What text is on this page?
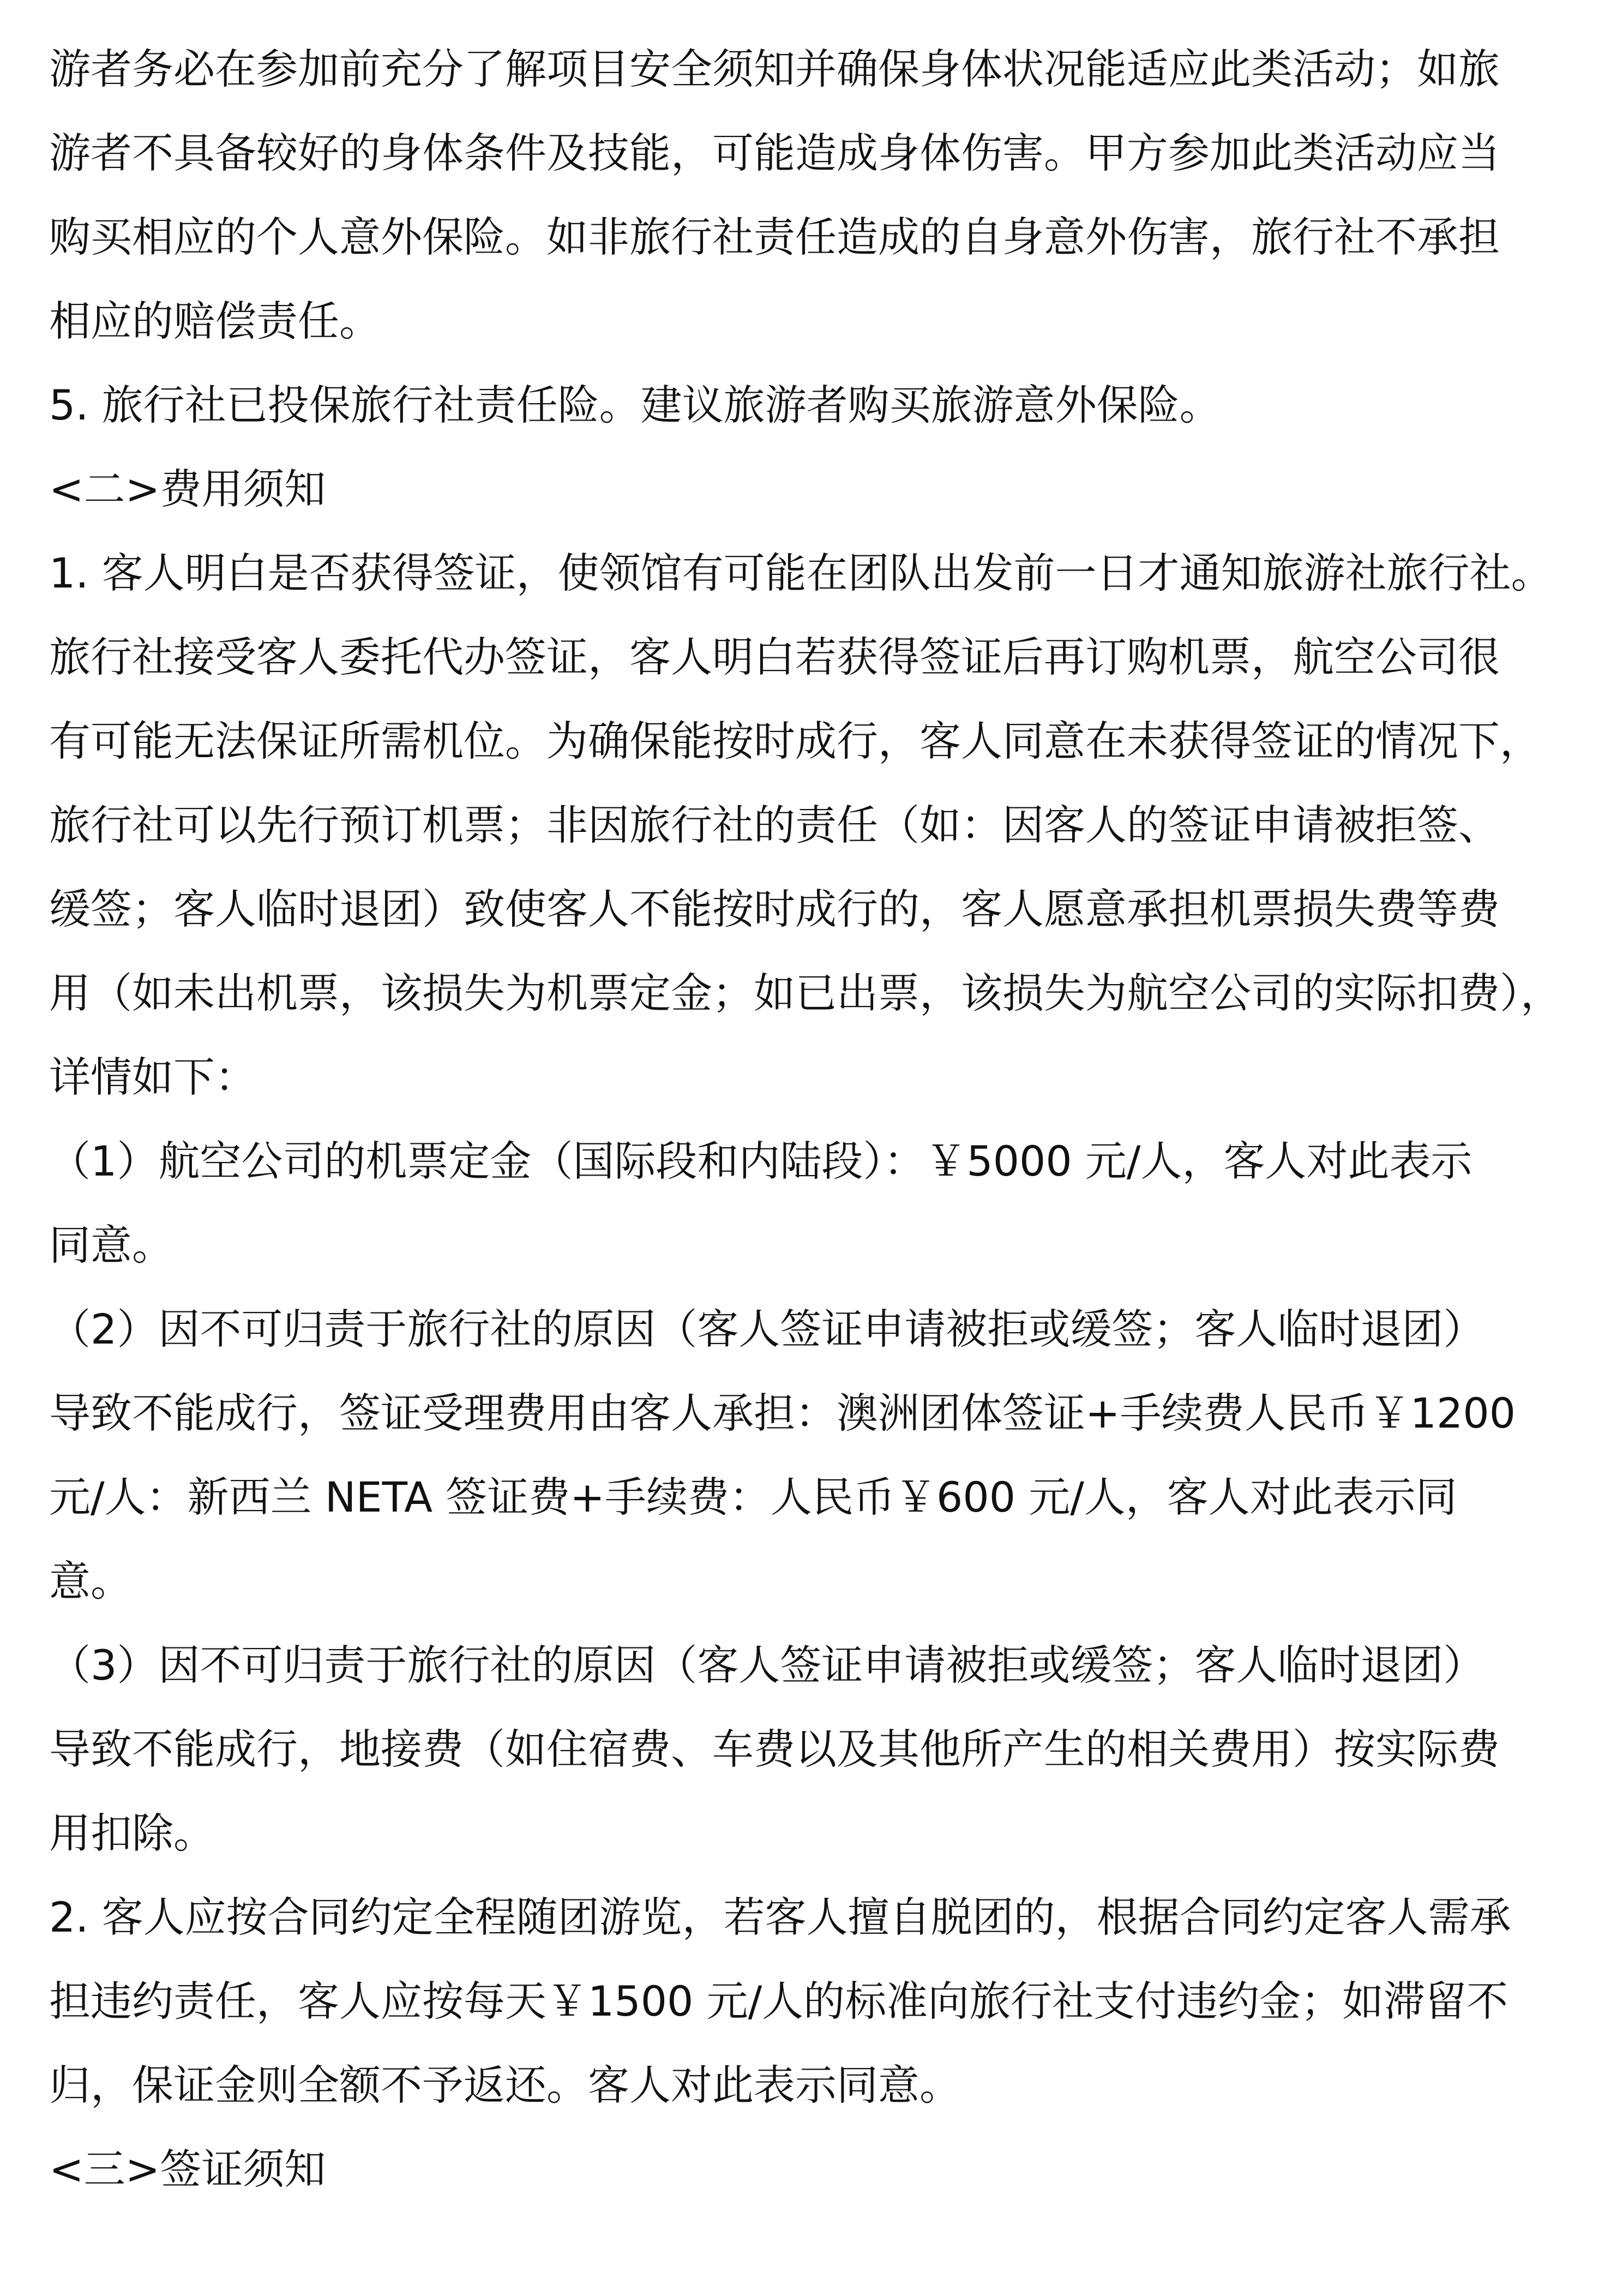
游者务必在参加前充分了解项目安全须知并确保身体状况能适应此类活动；如旅
游者不具备较好的身体条件及技能，可能造成身体伤害。甲方参加此类活动应当
购买相应的个人意外保险。如非旅行社责任造成的自身意外伤害，旅行社不承担
相应的赔偿责任。
5. 旅行社已投保旅行社责任险。建议旅游者购买旅游意外保险。
<二>费用须知
1. 客人明白是否获得签证，使领馆有可能在团队出发前一日才通知旅游社旅行社。
旅行社接受客人委托代办签证，客人明白若获得签证后再订购机票，航空公司很
有可能无法保证所需机位。为确保能按时成行，客人同意在未获得签证的情况下，
旅行社可以先行预订机票；非因旅行社的责任（如：因客人的签证申请被拒签、
缓签；客人临时退团）致使客人不能按时成行的，客人愿意承担机票损失费等费
用（如未出机票，该损失为机票定金；如已出票，该损失为航空公司的实际扣费），
详情如下：
（1）航空公司的机票定金（国际段和内陆段）：￥5000 元/人，客人对此表示
同意。
（2）因不可归责于旅行社的原因（客人签证申请被拒或缓签；客人临时退团）
导致不能成行，签证受理费用由客人承担：澳洲团体签证+手续费人民币￥1200
元/人：新西兰 NETA 签证费+手续费：人民币￥600 元/人，客人对此表示同
意。
（3）因不可归责于旅行社的原因（客人签证申请被拒或缓签；客人临时退团）
导致不能成行，地接费（如住宿费、车费以及其他所产生的相关费用）按实际费
用扣除。
2. 客人应按合同约定全程随团游览，若客人擅自脱团的，根据合同约定客人需承
担违约责任，客人应按每天￥1500 元/人的标准向旅行社支付违约金；如滞留不
归，保证金则全额不予返还。客人对此表示同意。
<三>签证须知
